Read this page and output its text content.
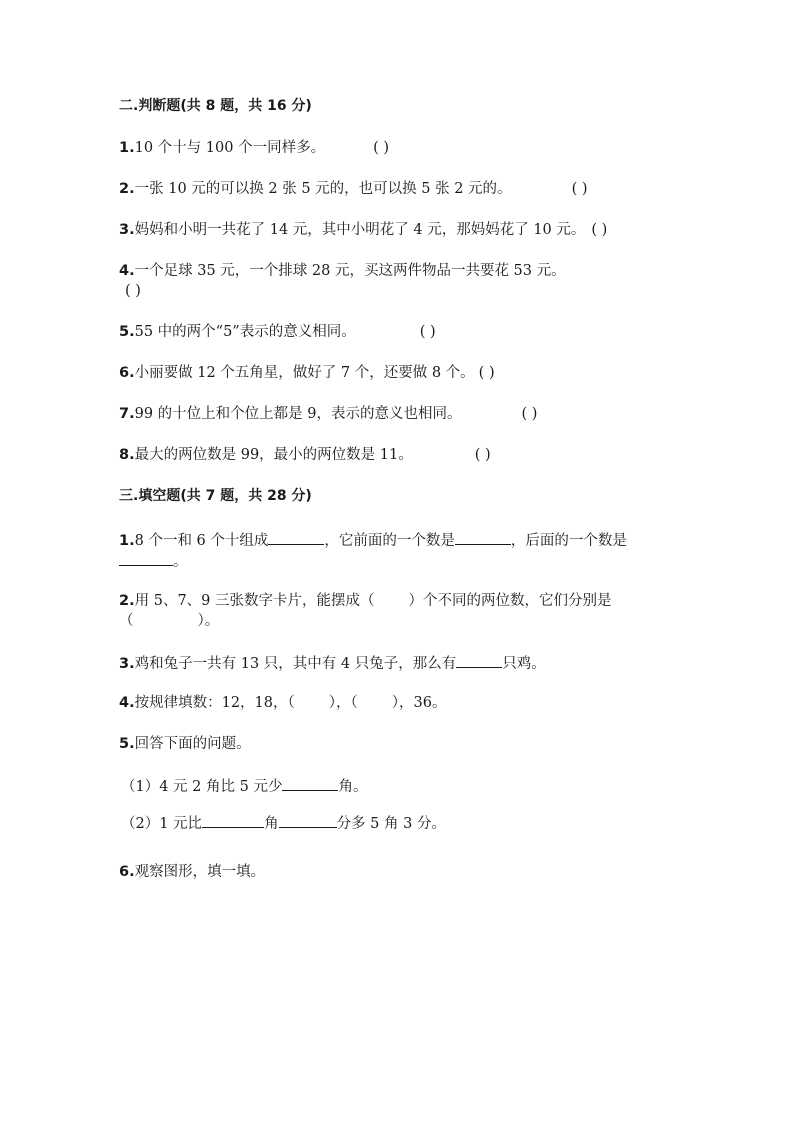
二.判断题(共 8 题，共 16 分)
1.10 个十与 100 个一同样多。	( )
2.一张 10 元的可以换 2 张 5 元的，也可以换 5 张 2 元的。	( )
3.妈妈和小明一共花了 14 元，其中小明花了 4 元，那妈妈花了 10 元。 ( )
4.一个足球 35 元，一个排球 28 元，买这两件物品一共要花 53 元。
( )
5.55 中的两个“5”表示的意义相同。	( )
6.小丽要做 12 个五角星，做好了 7 个，还要做 8 个。 ( )
7.99 的十位上和个位上都是 9，表示的意义也相同。	( )
8.最大的两位数是 99，最小的两位数是 11。	( )
三.填空题(共 7 题，共 28 分)
1.8 个一和 6 个十组成	，它前面的一个数是	，后面的一个数是
。
2.用 5、7、9 三张数字卡片，能摆成（ ）个不同的两位数，它们分别是
（	）。
3.鸡和兔子一共有 13 只，其中有 4 只兔子，那么有	只鸡。
4.按规律填数：12，18，（ ），（ ），36。
5.回答下面的问题。
（1）4 元 2 角比 5 元少	角。
（2）1 元比	角	分多 5 角 3 分。
6.观察图形，填一填。
